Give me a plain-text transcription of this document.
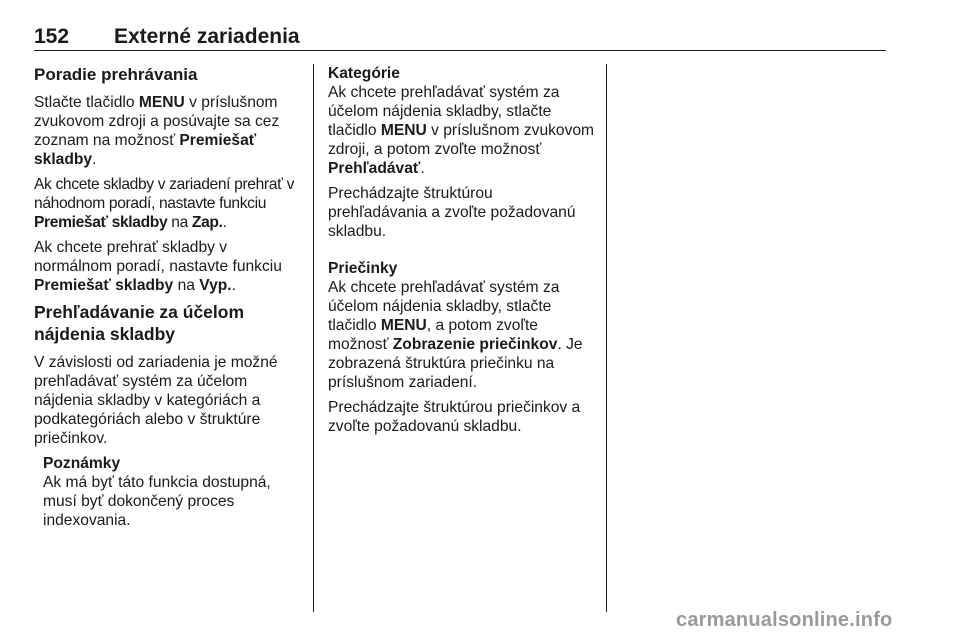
152 Externé zariadenia
Poradie prehrávania

Stlačte tlačidlo MENU v príslušnom zvukovom zdroji a posúvajte sa cez zoznam na možnosť Premiešať skladby.

Ak chcete skladby v zariadení prehrať v náhodnom poradí, nastavte funkciu Premiešať skladby na Zap..

Ak chcete prehrať skladby v normálnom poradí, nastavte funkciu Premiešať skladby na Vyp..

Prehľadávanie za účelom nájdenia skladby

V závislosti od zariadenia je možné prehľadávať systém za účelom nájdenia skladby v kategóriách a podkategóriách alebo v štruktúre priečinkov.

Poznámky
Ak má byť táto funkcia dostupná, musí byť dokončený proces indexovania.
Kategórie

Ak chcete prehľadávať systém za účelom nájdenia skladby, stlačte tlačidlo MENU v príslušnom zvukovom zdroji, a potom zvoľte možnosť Prehľadávať.

Prechádzajte štruktúrou prehľadávania a zvoľte požadovanú skladbu.

Priečinky

Ak chcete prehľadávať systém za účelom nájdenia skladby, stlačte tlačidlo MENU, a potom zvoľte možnosť Zobrazenie priečinkov. Je zobrazená štruktúra priečinku na príslušnom zariadení.

Prechádzajte štruktúrou priečinkov a zvoľte požadovanú skladbu.

carmanualsonline.info
